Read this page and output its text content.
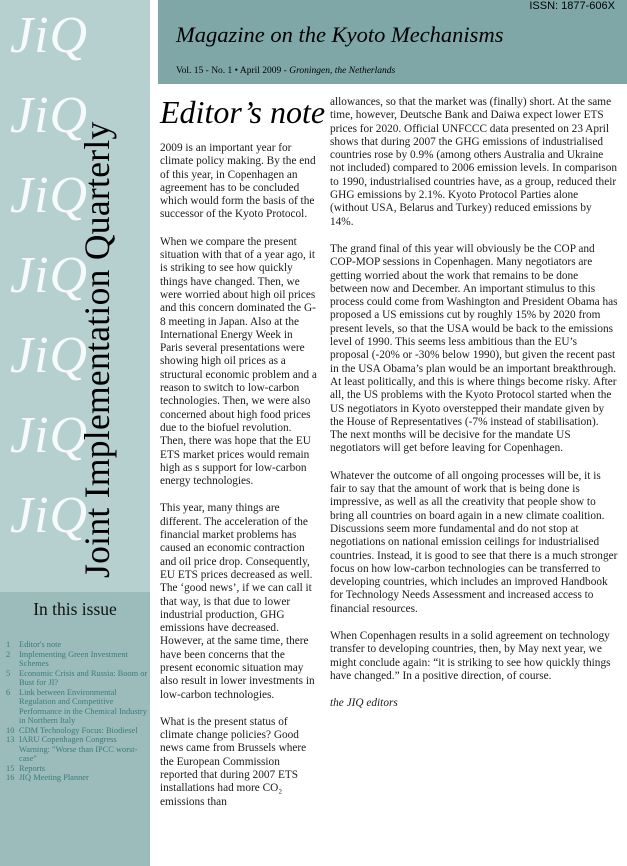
JiQ
JiQ
JiQ
JiQ
JiQ
JiQ
JiQ
Joint Implementation Quarterly
In this issue
1 Editor's note
2 Implementing Green Investment Schemes
5 Economic Crisis and Russia: Boom or Bust for JI?
6 Link between Environmental Regulation and Competitive Performance in the Chemical Industry in Northern Italy
10 CDM Technology Focus: Biodiesel
13 IARU Copenhagen Congress Warning: "Worse than IPCC worst-case"
15 Reports
16 JIQ Meeting Planner
Magazine on the Kyoto Mechanisms
Vol. 15 - No. 1 • April 2009 - Groningen, the Netherlands
ISSN: 1877-606X
Editor’s note

2009 is an important year for climate policy making. By the end of this year, in Copenhagen an agreement has to be concluded which would form the basis of the successor of the Kyoto Protocol.

When we compare the present situation with that of a year ago, it is striking to see how quickly things have changed. Then, we were worried about high oil prices and this concern dominated the G-8 meeting in Japan. Also at the International Energy Week in Paris several presentations were showing high oil prices as a structural economic problem and a reason to switch to low-carbon technologies. Then, we were also concerned about high food prices due to the biofuel revolution. Then, there was hope that the EU ETS market prices would remain high as s support for low-carbon energy technologies.

This year, many things are different. The acceleration of the financial market problems has caused an economic contraction and oil price drop. Consequently, EU ETS prices decreased as well. The ‘good news’, if we can call it that way, is that due to lower industrial production, GHG emissions have decreased. However, at the same time, there have been concerns that the present economic situation may also result in lower investments in low-carbon technologies.

What is the present status of climate change policies? Good news came from Brussels where the European Commission reported that during 2007 ETS installations had more CO₂ emissions than

allowances, so that the market was (finally) short. At the same time, however, Deutsche Bank and Daiwa expect lower ETS prices for 2020. Official UNFCCC data presented on 23 April shows that during 2007 the GHG emissions of industrialised countries rose by 0.9% (among others Australia and Ukraine not included) compared to 2006 emission levels. In comparison to 1990, industrialised countries have, as a group, reduced their GHG emissions by 2.1%. Kyoto Protocol Parties alone (without USA, Belarus and Turkey) reduced emissions by 14%.

The grand final of this year will obviously be the COP and COP-MOP sessions in Copenhagen. Many negotiators are getting worried about the work that remains to be done between now and December. An important stimulus to this process could come from Washington and President Obama has proposed a US emissions cut by roughly 15% by 2020 from present levels, so that the USA would be back to the emissions level of 1990. This seems less ambitious than the EU’s proposal (-20% or -30% below 1990), but given the recent past in the USA Obama’s plan would be an important breakthrough. At least politically, and this is where things become risky. After all, the US problems with the Kyoto Protocol started when the US negotiators in Kyoto overstepped their mandate given by the House of Representatives (-7% instead of stabilisation). The next months will be decisive for the mandate US negotiators will get before leaving for Copenhagen.

Whatever the outcome of all ongoing processes will be, it is fair to say that the amount of work that is being done is impressive, as well as all the creativity that people show to bring all countries on board again in a new climate coalition. Discussions seem more fundamental and do not stop at negotiations on national emission ceilings for industrialised countries. Instead, it is good to see that there is a much stronger focus on how low-carbon technologies can be transferred to developing countries, which includes an improved Handbook for Technology Needs Assessment and increased access to financial resources.

When Copenhagen results in a solid agreement on technology transfer to developing countries, then, by May next year, we might conclude again: “it is striking to see how quickly things have changed.” In a positive direction, of course.

the JIQ editors
